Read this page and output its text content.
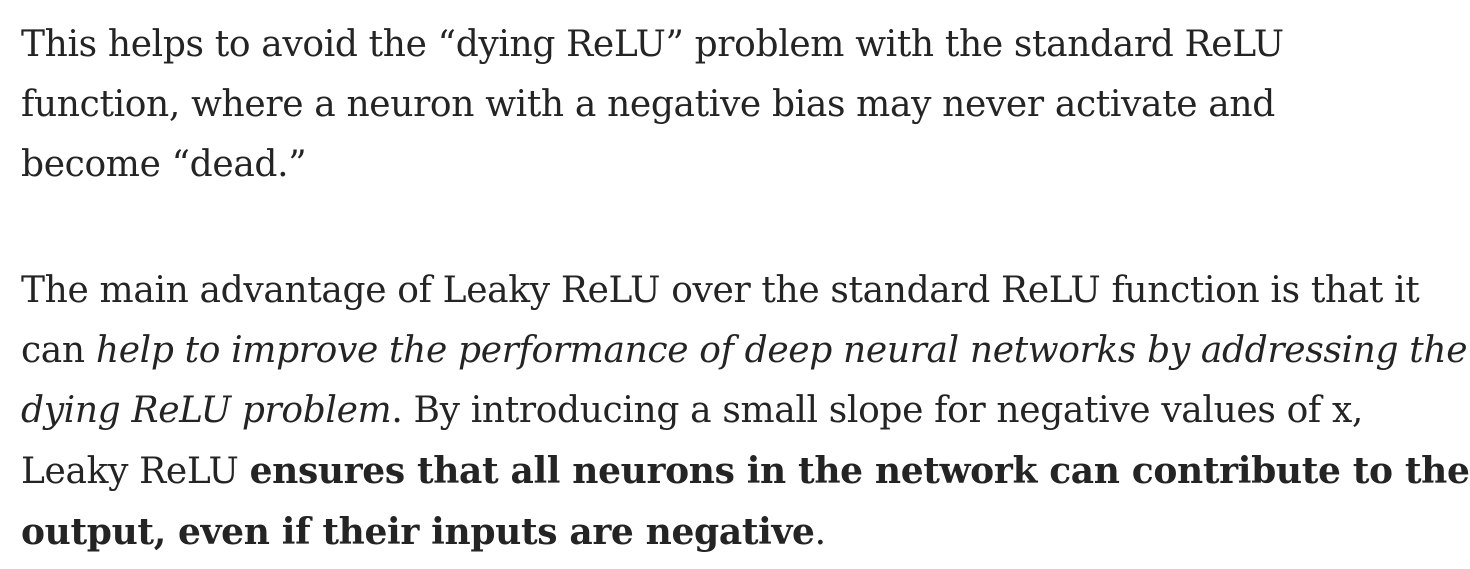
This helps to avoid the “dying ReLU” problem with the standard ReLU
function, where a neuron with a negative bias may never activate and
become “dead.”

The main advantage of Leaky ReLU over the standard ReLU function is that it
can help to improve the performance of deep neural networks by addressing the
dying ReLU problem. By introducing a small slope for negative values of x,
Leaky ReLU ensures that all neurons in the network can contribute to the
output, even if their inputs are negative.
